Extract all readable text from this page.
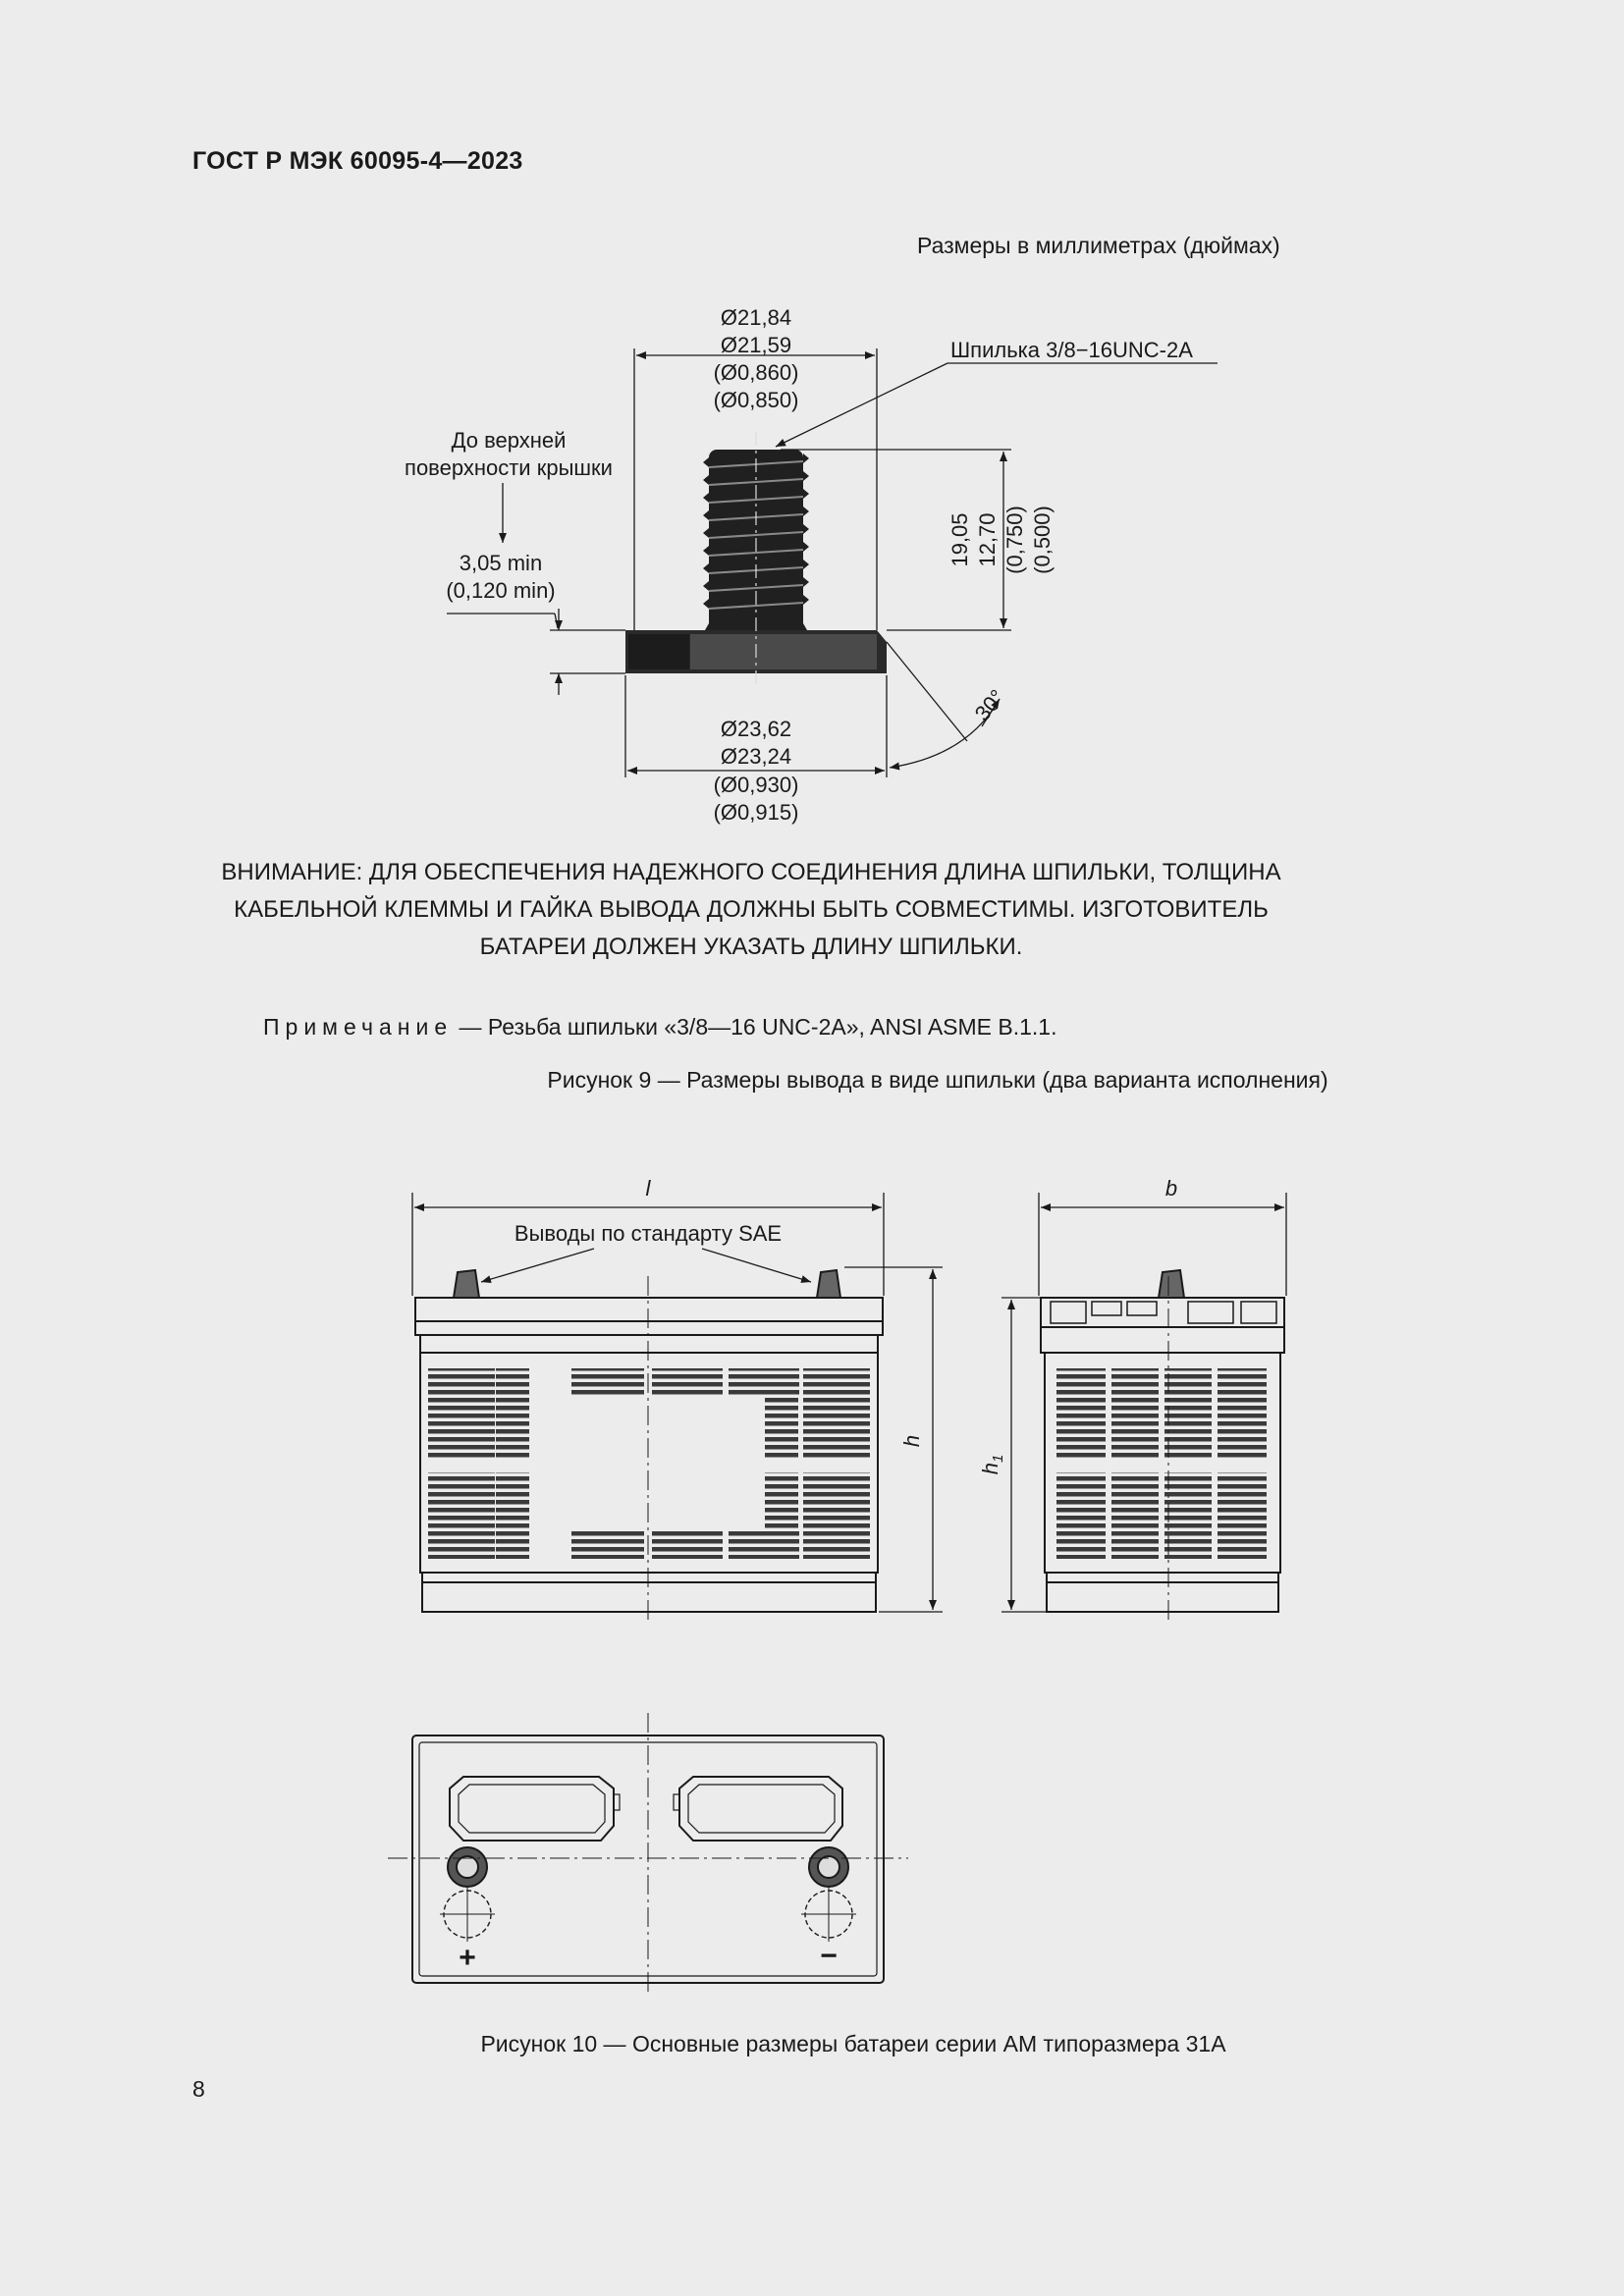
ГОСТ Р МЭК 60095-4—2023
Размеры в миллиметрах (дюймах)
Ø21,84
Ø21,59
(Ø0,860)
(Ø0,850)
Шпилька 3/8−16UNC-2A
До верхней
поверхности крышки
3,05 min
(0,120 min)
19,05 12,70 (0,750) (0,500)
30°
Ø23,62
Ø23,24
(Ø0,930)
(Ø0,915)
ВНИМАНИЕ: ДЛЯ ОБЕСПЕЧЕНИЯ НАДЕЖНОГО СОЕДИНЕНИЯ ДЛИНА ШПИЛЬКИ, ТОЛЩИНА КАБЕЛЬНОЙ КЛЕММЫ И ГАЙКА ВЫВОДА ДОЛЖНЫ БЫТЬ СОВМЕСТИМЫ. ИЗГОТОВИТЕЛЬ БАТАРЕИ ДОЛЖЕН УКАЗАТЬ ДЛИНУ ШПИЛЬКИ.
Примечание — Резьба шпильки «3/8—16 UNC-2A», ANSI ASME B.1.1.
Рисунок 9 — Размеры вывода в виде шпильки (два варианта исполнения)
l
Выводы по стандарту SAE
h
b
$h_1$
+	−
Рисунок 10 — Основные размеры батареи серии AM типоразмера 31A
8
